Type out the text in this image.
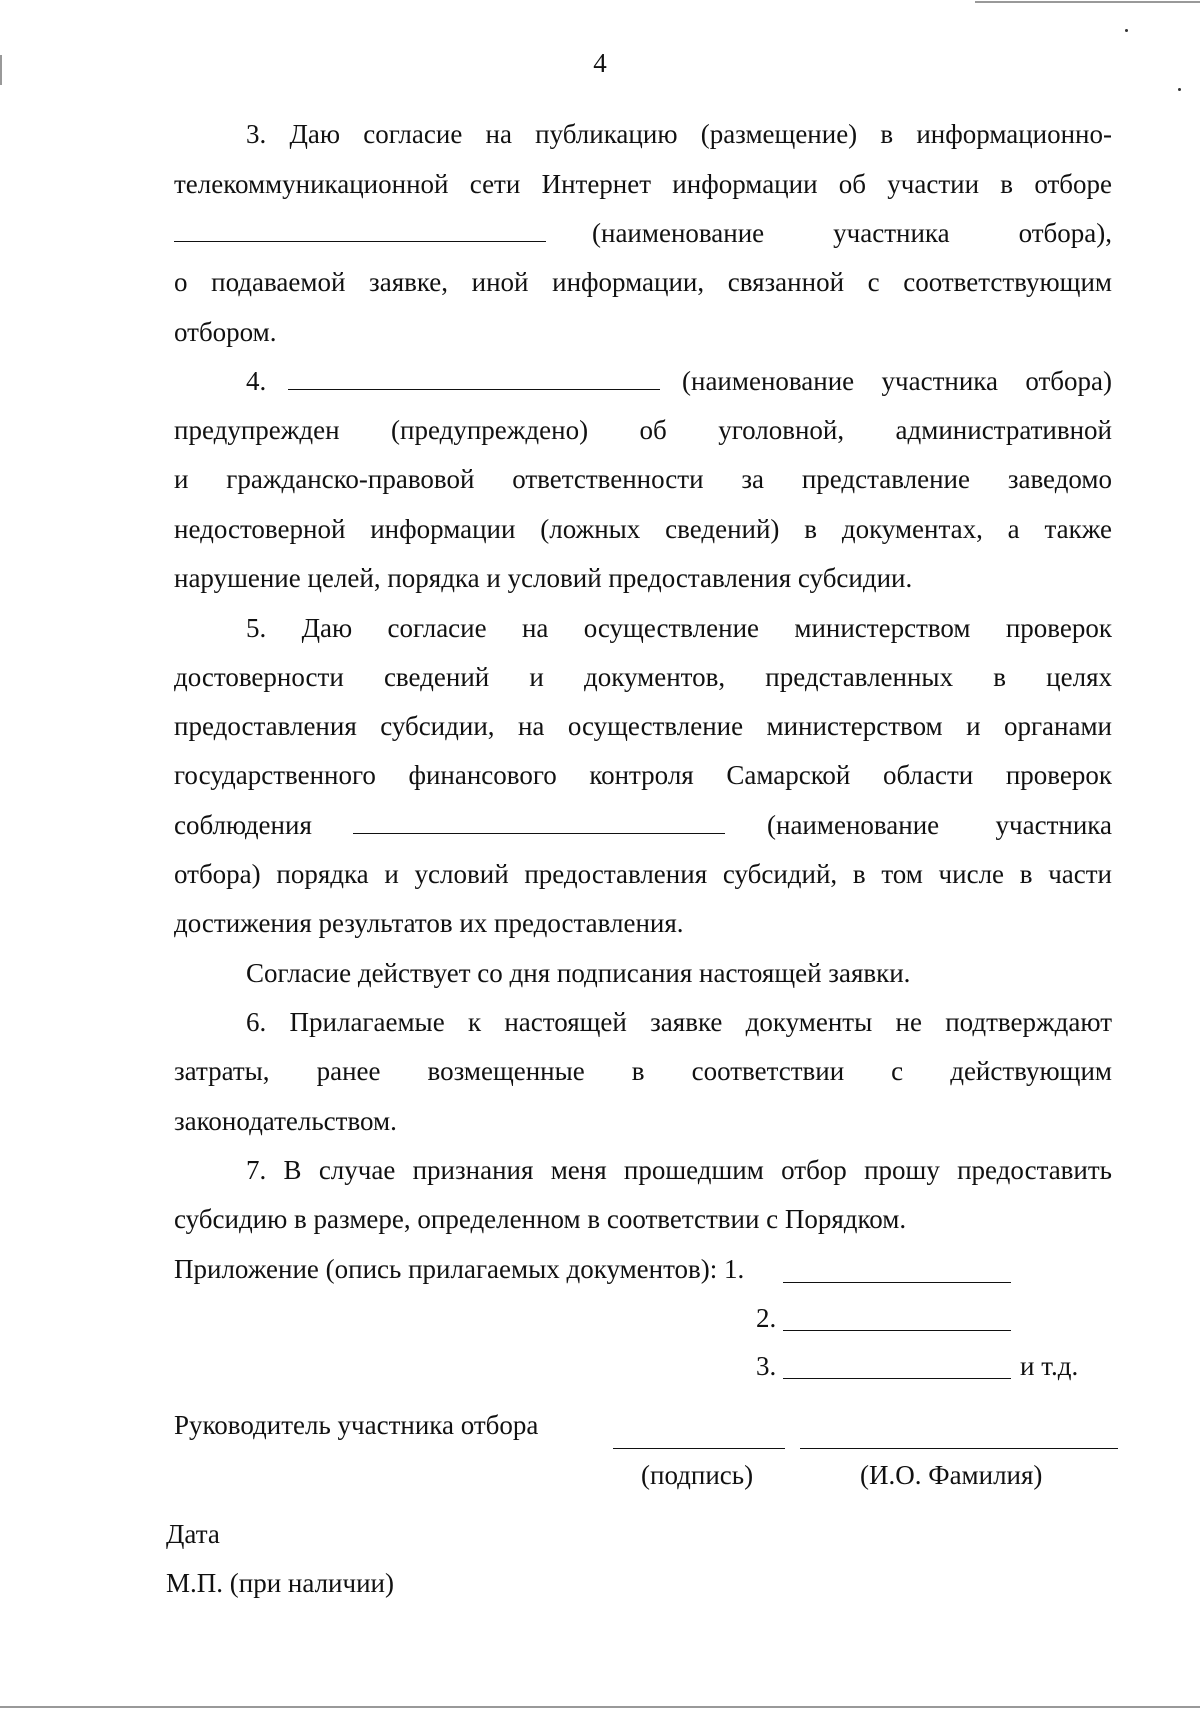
4
3. Даю согласие на публикацию (размещение) в информационно-
телекоммуникационной сети Интернет информации об участии в отборе
(наименование участника отбора),
о подаваемой заявке, иной информации, связанной с соответствующим
отбором.
4.	(наименование участника отбора)
предупрежден (предупреждено) об уголовной, административной
и гражданско-правовой ответственности за представление заведомо
недостоверной информации (ложных сведений) в документах, а также
нарушение целей, порядка и условий предоставления субсидии.
5. Даю согласие на осуществление министерством проверок
достоверности сведений и документов, представленных в целях
предоставления субсидии, на осуществление министерством и органами
государственного финансового контроля Самарской области проверок
соблюдения	(наименование участника
отбора) порядка и условий предоставления субсидий, в том числе в части
достижения результатов их предоставления.
Согласие действует со дня подписания настоящей заявки.
6. Прилагаемые к настоящей заявке документы не подтверждают
затраты, ранее возмещенные в соответствии с действующим
законодательством.
7. В случае признания меня прошедшим отбор прошу предоставить
субсидию в размере, определенном в соответствии с Порядком.
Приложение (опись прилагаемых документов): 1.
2.
3.	и т.д.
Руководитель участника отбора
(подпись)	(И.О. Фамилия)
Дата
М.П. (при наличии)
